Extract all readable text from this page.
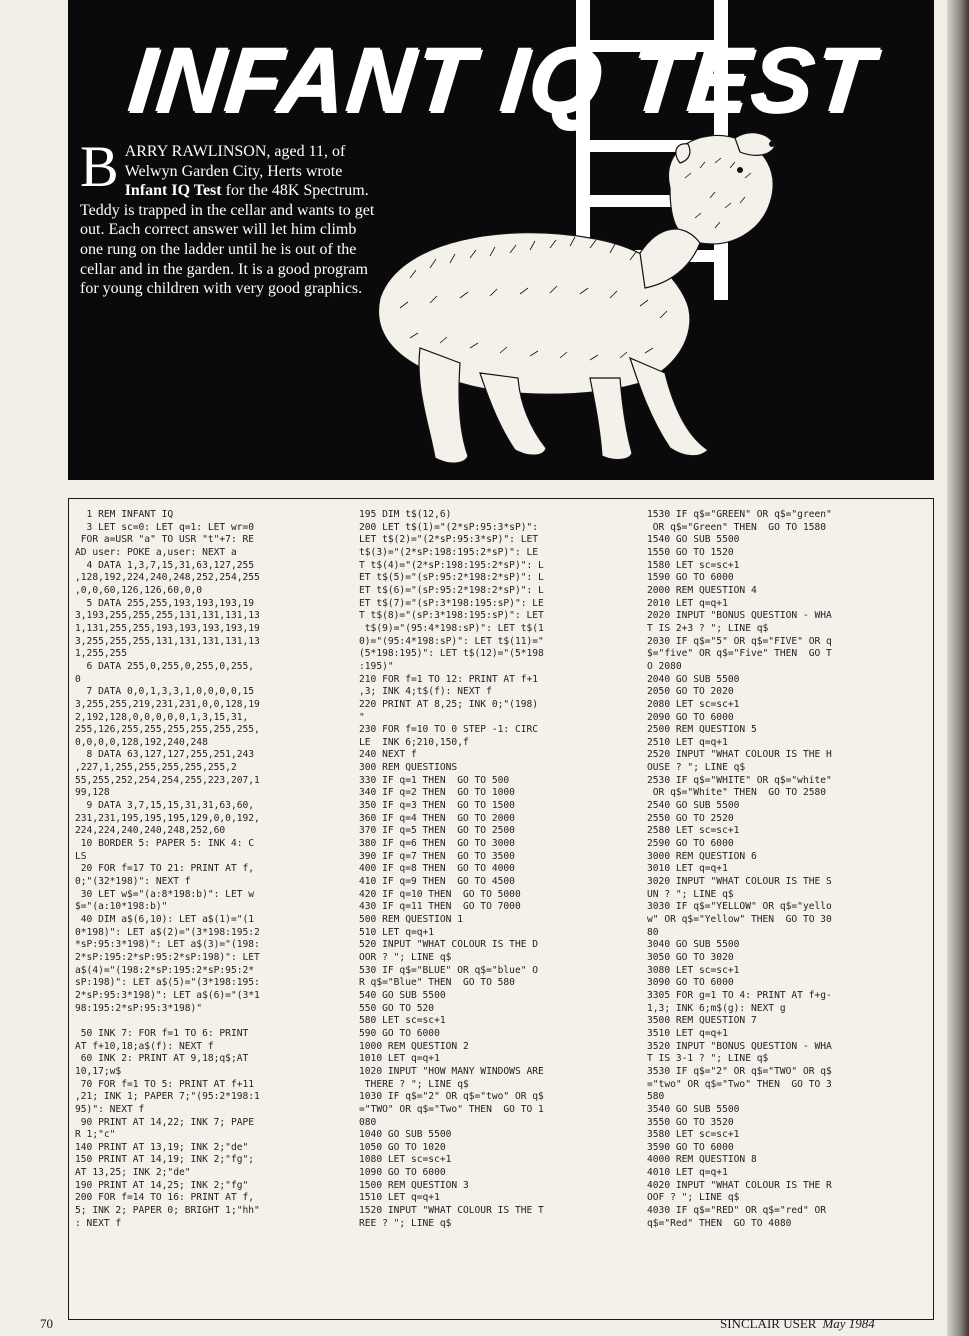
INFANT IQ TEST
BARRY RAWLINSON, aged 11, of Welwyn Garden City, Herts wrote Infant IQ Test for the 48K Spectrum. Teddy is trapped in the cellar and wants to get out. Each correct answer will let him climb one rung on the ladder until he is out of the cellar and in the garden. It is a good program for young children with very good graphics.
1 REM INFANT IQ
3 LET sc=0: LET q=1: LET wr=0
FOR a=USR "a" TO USR "t"+7: RE
AD user: POKE a,user: NEXT a
4 DATA 1,3,7,15,31,63,127,255
,128,192,224,240,248,252,254,255
,0,0,60,126,126,60,0,0
5 DATA 255,255,193,193,193,19
3,193,255,255,255,131,131,131,13
1,131,255,255,193,193,193,193,19
3,255,255,255,131,131,131,131,13
1,255,255
6 DATA 255,0,255,0,255,0,255,
0
7 DATA 0,0,1,3,3,1,0,0,0,0,15
3,255,255,219,231,231,0,0,128,19
2,192,128,0,0,0,0,0,1,3,15,31,
255,126,255,255,255,255,255,255,
0,0,0,0,128,192,240,248
8 DATA 63,127,127,255,251,243
,227,1,255,255,255,255,255,2
55,255,252,254,254,255,223,207,1
99,128
9 DATA 3,7,15,15,31,31,63,60,
231,231,195,195,195,129,0,0,192,
224,224,240,240,248,252,60
10 BORDER 5: PAPER 5: INK 4: C
LS
20 FOR f=17 TO 21: PRINT AT f,
0;"(32*198)": NEXT f
30 LET w$="(a:8*198:b)": LET w
$="(a:10*198:b)"
40 DIM a$(6,10): LET a$(1)="(1
0*198)": LET a$(2)="(3*198:195:2
*sP:95:3*198)": LET a$(3)="(198:
2*sP:195:2*sP:95:2*sP:198)": LET
a$(4)="(198:2*sP:195:2*sP:95:2*
sP:198)": LET a$(5)="(3*198:195:
2*sP:95:3*198)": LET a$(6)="(3*1
98:195:2*sP:95:3*198)"

50 INK 7: FOR f=1 TO 6: PRINT
AT f+10,18;a$(f): NEXT f
60 INK 2: PRINT AT 9,18;q$;AT
10,17;w$
70 FOR f=1 TO 5: PRINT AT f+11
,21; INK 1; PAPER 7;"(95:2*198:1
95)": NEXT f
90 PRINT AT 14,22; INK 7; PAPE
R 1;"c"
140 PRINT AT 13,19; INK 2;"de"
150 PRINT AT 14,19; INK 2;"fg";
AT 13,25; INK 2;"de"
190 PRINT AT 14,25; INK 2;"fg"
200 FOR f=14 TO 16: PRINT AT f,
5; INK 2; PAPER 0; BRIGHT 1;"hh"
: NEXT f
195 DIM t$(12,6)
200 LET t$(1)="(2*sP:95:3*sP)":
LET t$(2)="(2*sP:95:3*sP)": LET
t$(3)="(2*sP:198:195:2*sP)": LE
T t$(4)="(2*sP:198:195:2*sP)": L
ET t$(5)="(sP:95:2*198:2*sP)": L
ET t$(6)="(sP:95:2*198:2*sP)": L
ET t$(7)="(sP:3*198:195:sP)": LE
T t$(8)="(sP:3*198:195:sP)": LET
t$(9)="(95:4*198:sP)": LET t$(1
0)="(95:4*198:sP)": LET t$(11)="
(5*198:195)": LET t$(12)="(5*198
:195)"
210 FOR f=1 TO 12: PRINT AT f+1
,3; INK 4;t$(f): NEXT f
220 PRINT AT 8,25; INK 0;"(198)
"
230 FOR f=10 TO 0 STEP -1: CIRC
LE  INK 6;210,150,f
240 NEXT f
300 REM QUESTIONS
330 IF q=1 THEN  GO TO 500
340 IF q=2 THEN  GO TO 1000
350 IF q=3 THEN  GO TO 1500
360 IF q=4 THEN  GO TO 2000
370 IF q=5 THEN  GO TO 2500
380 IF q=6 THEN  GO TO 3000
390 IF q=7 THEN  GO TO 3500
400 IF q=8 THEN  GO TO 4000
410 IF q=9 THEN  GO TO 4500
420 IF q=10 THEN  GO TO 5000
430 IF q=11 THEN  GO TO 7000
500 REM QUESTION 1
510 LET q=q+1
520 INPUT "WHAT COLOUR IS THE D
OOR ? "; LINE q$
530 IF q$="BLUE" OR q$="blue" O
R q$="Blue" THEN  GO TO 580
540 GO SUB 5500
550 GO TO 520
580 LET sc=sc+1
590 GO TO 6000
1000 REM QUESTION 2
1010 LET q=q+1
1020 INPUT "HOW MANY WINDOWS ARE
THERE ? "; LINE q$
1030 IF q$="2" OR q$="two" OR q$
="TWO" OR q$="Two" THEN  GO TO 1
080
1040 GO SUB 5500
1050 GO TO 1020
1080 LET sc=sc+1
1090 GO TO 6000
1500 REM QUESTION 3
1510 LET q=q+1
1520 INPUT "WHAT COLOUR IS THE T
REE ? "; LINE q$
1530 IF q$="GREEN" OR q$="green"
OR q$="Green" THEN  GO TO 1580
1540 GO SUB 5500
1550 GO TO 1520
1580 LET sc=sc+1
1590 GO TO 6000
2000 REM QUESTION 4
2010 LET q=q+1
2020 INPUT "BONUS QUESTION - WHA
T IS 2+3 ? "; LINE q$
2030 IF q$="5" OR q$="FIVE" OR q
$="five" OR q$="Five" THEN  GO T
O 2080
2040 GO SUB 5500
2050 GO TO 2020
2080 LET sc=sc+1
2090 GO TO 6000
2500 REM QUESTION 5
2510 LET q=q+1
2520 INPUT "WHAT COLOUR IS THE H
OUSE ? "; LINE q$
2530 IF q$="WHITE" OR q$="white"
OR q$="White" THEN  GO TO 2580
2540 GO SUB 5500
2550 GO TO 2520
2580 LET sc=sc+1
2590 GO TO 6000
3000 REM QUESTION 6
3010 LET q=q+1
3020 INPUT "WHAT COLOUR IS THE S
UN ? "; LINE q$
3030 IF q$="YELLOW" OR q$="yello
w" OR q$="Yellow" THEN  GO TO 30
80
3040 GO SUB 5500
3050 GO TO 3020
3080 LET sc=sc+1
3090 GO TO 6000
3305 FOR g=1 TO 4: PRINT AT f+g-
1,3; INK 6;m$(g): NEXT g
3500 REM QUESTION 7
3510 LET q=q+1
3520 INPUT "BONUS QUESTION - WHA
T IS 3-1 ? "; LINE q$
3530 IF q$="2" OR q$="TWO" OR q$
="two" OR q$="Two" THEN  GO TO 3
580
3540 GO SUB 5500
3550 GO TO 3520
3580 LET sc=sc+1
3590 GO TO 6000
4000 REM QUESTION 8
4010 LET q=q+1
4020 INPUT "WHAT COLOUR IS THE R
OOF ? "; LINE q$
4030 IF q$="RED" OR q$="red" OR
q$="Red" THEN  GO TO 4080
70	SINCLAIR USER May 1984
